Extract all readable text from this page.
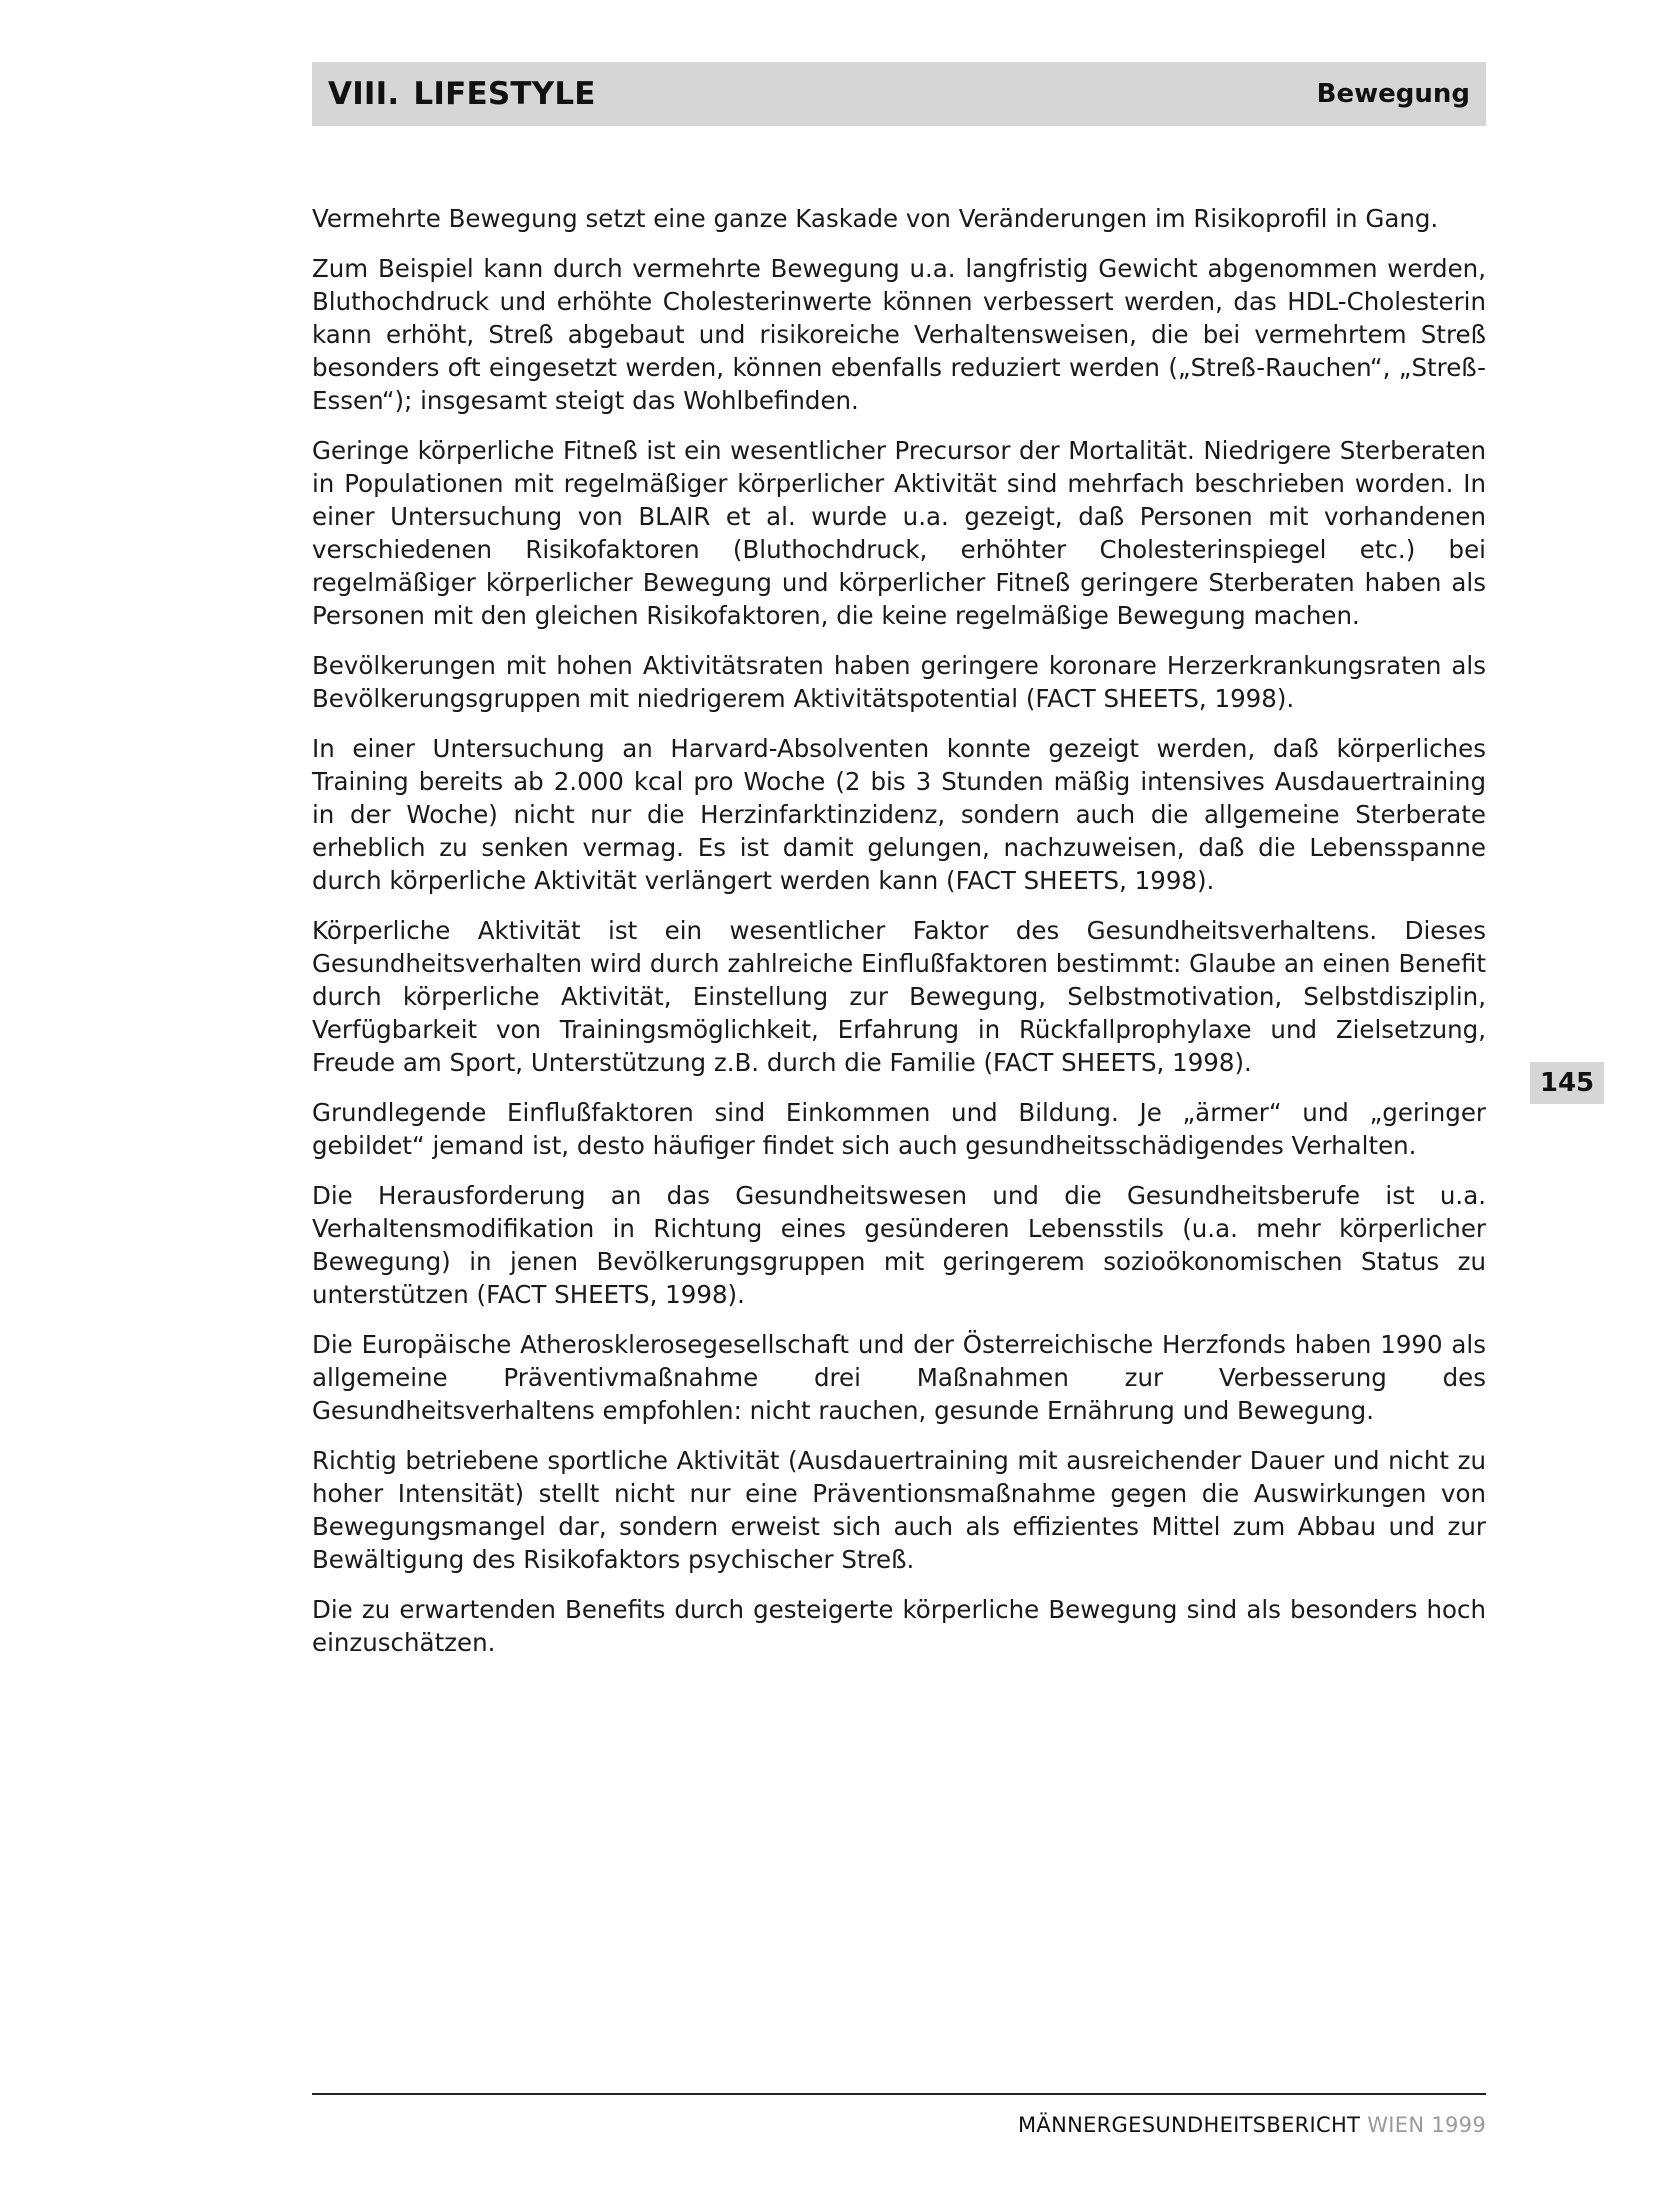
VIII. LIFESTYLE	Bewegung

Vermehrte Bewegung setzt eine ganze Kaskade von Veränderungen im Risikoprofil in Gang.

Zum Beispiel kann durch vermehrte Bewegung u.a. langfristig Gewicht abgenommen werden, Bluthochdruck und erhöhte Cholesterinwerte können verbessert werden, das HDL-Cholesterin kann erhöht, Streß abgebaut und risikoreiche Verhaltensweisen, die bei vermehrtem Streß besonders oft eingesetzt werden, können ebenfalls reduziert werden („Streß-Rauchen“, „Streß-Essen“); insgesamt steigt das Wohlbefinden.

Geringe körperliche Fitneß ist ein wesentlicher Precursor der Mortalität. Niedrigere Sterberaten in Populationen mit regelmäßiger körperlicher Aktivität sind mehrfach beschrieben worden. In einer Untersuchung von BLAIR et al. wurde u.a. gezeigt, daß Personen mit vorhandenen verschiedenen Risikofaktoren (Bluthochdruck, erhöhter Cholesterinspiegel etc.) bei regelmäßiger körperlicher Bewegung und körperlicher Fitneß geringere Sterberaten haben als Personen mit den gleichen Risikofaktoren, die keine regelmäßige Bewegung machen.

Bevölkerungen mit hohen Aktivitätsraten haben geringere koronare Herzerkrankungsraten als Bevölkerungsgruppen mit niedrigerem Aktivitätspotential (FACT SHEETS, 1998).

In einer Untersuchung an Harvard-Absolventen konnte gezeigt werden, daß körperliches Training bereits ab 2.000 kcal pro Woche (2 bis 3 Stunden mäßig intensives Ausdauertraining in der Woche) nicht nur die Herzinfarktinzidenz, sondern auch die allgemeine Sterberate erheblich zu senken vermag. Es ist damit gelungen, nachzuweisen, daß die Lebensspanne durch körperliche Aktivität verlängert werden kann (FACT SHEETS, 1998).

Körperliche Aktivität ist ein wesentlicher Faktor des Gesundheitsverhaltens. Dieses Gesundheitsverhalten wird durch zahlreiche Einflußfaktoren bestimmt: Glaube an einen Benefit durch körperliche Aktivität, Einstellung zur Bewegung, Selbstmotivation, Selbstdisziplin, Verfügbarkeit von Trainingsmöglichkeit, Erfahrung in Rückfallprophylaxe und Zielsetzung, Freude am Sport, Unterstützung z.B. durch die Familie (FACT SHEETS, 1998).

Grundlegende Einflußfaktoren sind Einkommen und Bildung. Je „ärmer“ und „geringer gebildet“ jemand ist, desto häufiger findet sich auch gesundheitsschädigendes Verhalten.

Die Herausforderung an das Gesundheitswesen und die Gesundheitsberufe ist u.a. Verhaltensmodifikation in Richtung eines gesünderen Lebensstils (u.a. mehr körperlicher Bewegung) in jenen Bevölkerungsgruppen mit geringerem sozioökonomischen Status zu unterstützen (FACT SHEETS, 1998).

Die Europäische Atherosklerosegesellschaft und der Österreichische Herzfonds haben 1990 als allgemeine Präventivmaßnahme drei Maßnahmen zur Verbesserung des Gesundheitsverhaltens empfohlen: nicht rauchen, gesunde Ernährung und Bewegung.

Richtig betriebene sportliche Aktivität (Ausdauertraining mit ausreichender Dauer und nicht zu hoher Intensität) stellt nicht nur eine Präventionsmaßnahme gegen die Auswirkungen von Bewegungsmangel dar, sondern erweist sich auch als effizientes Mittel zum Abbau und zur Bewältigung des Risikofaktors psychischer Streß.

Die zu erwartenden Benefits durch gesteigerte körperliche Bewegung sind als besonders hoch einzuschätzen.

145
MÄNNERGESUNDHEITSBERICHT WIEN 1999
